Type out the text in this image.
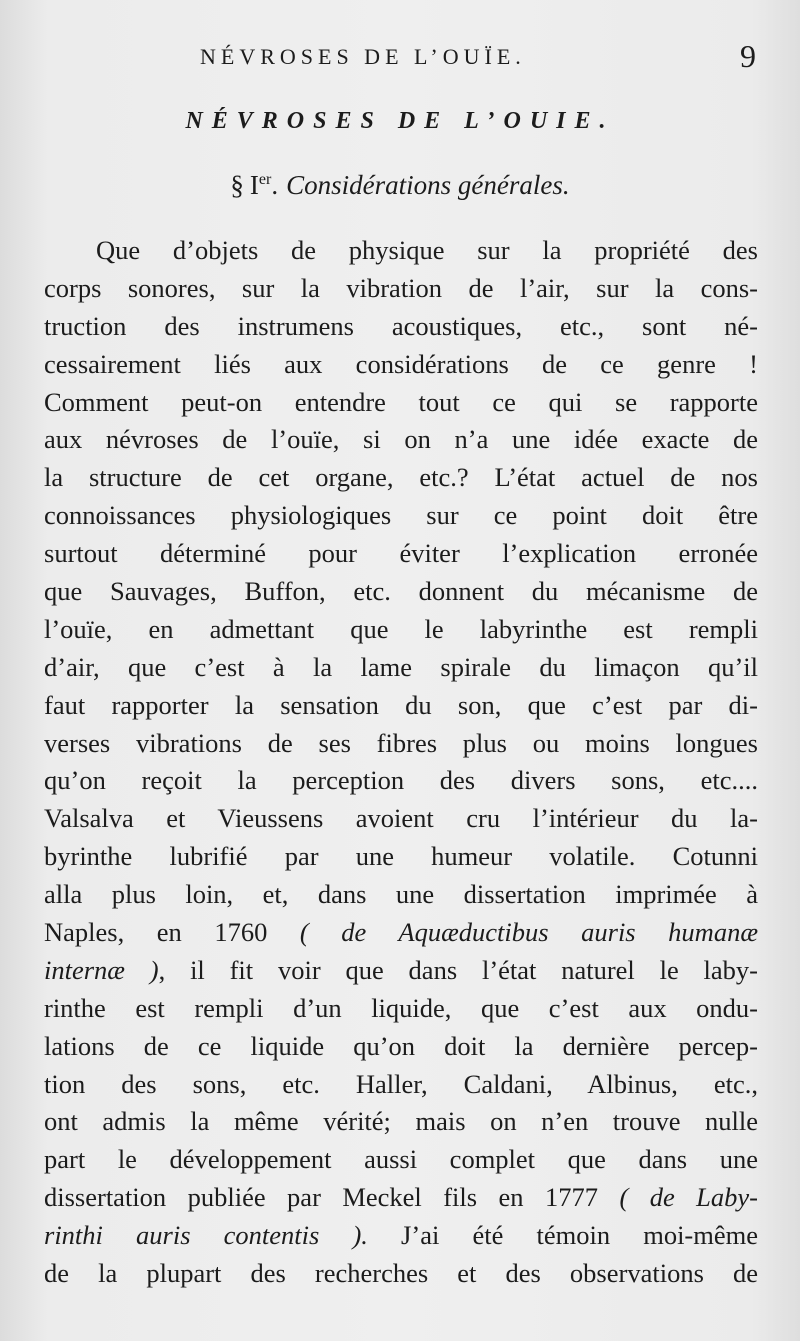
NÉVROSES DE L’OUÏE.	9
NÉVROSES DE L’OUIE.
§ Ier. Considérations générales.
Que d’objets de physique sur la propriété des
corps sonores, sur la vibration de l’air, sur la cons-
truction des instrumens acoustiques, etc., sont né-
cessairement liés aux considérations de ce genre !
Comment peut-on entendre tout ce qui se rapporte
aux névroses de l’ouïe, si on n’a une idée exacte de
la structure de cet organe, etc.? L’état actuel de nos
connoissances physiologiques sur ce point doit être
surtout déterminé pour éviter l’explication erronée
que Sauvages, Buffon, etc. donnent du mécanisme de
l’ouïe, en admettant que le labyrinthe est rempli
d’air, que c’est à la lame spirale du limaçon qu’il
faut rapporter la sensation du son, que c’est par di-
verses vibrations de ses fibres plus ou moins longues
qu’on reçoit la perception des divers sons, etc....
Valsalva et Vieussens avoient cru l’intérieur du la-
byrinthe lubrifié par une humeur volatile. Cotunni
alla plus loin, et, dans une dissertation imprimée à
Naples, en 1760 ( de Aquæductibus auris humanæ
internæ ), il fit voir que dans l’état naturel le laby-
rinthe est rempli d’un liquide, que c’est aux ondu-
lations de ce liquide qu’on doit la dernière percep-
tion des sons, etc. Haller, Caldani, Albinus, etc.,
ont admis la même vérité; mais on n’en trouve nulle
part le développement aussi complet que dans une
dissertation publiée par Meckel fils en 1777 ( de Laby-
rinthi auris contentis ). J’ai été témoin moi-même
de la plupart des recherches et des observations de
